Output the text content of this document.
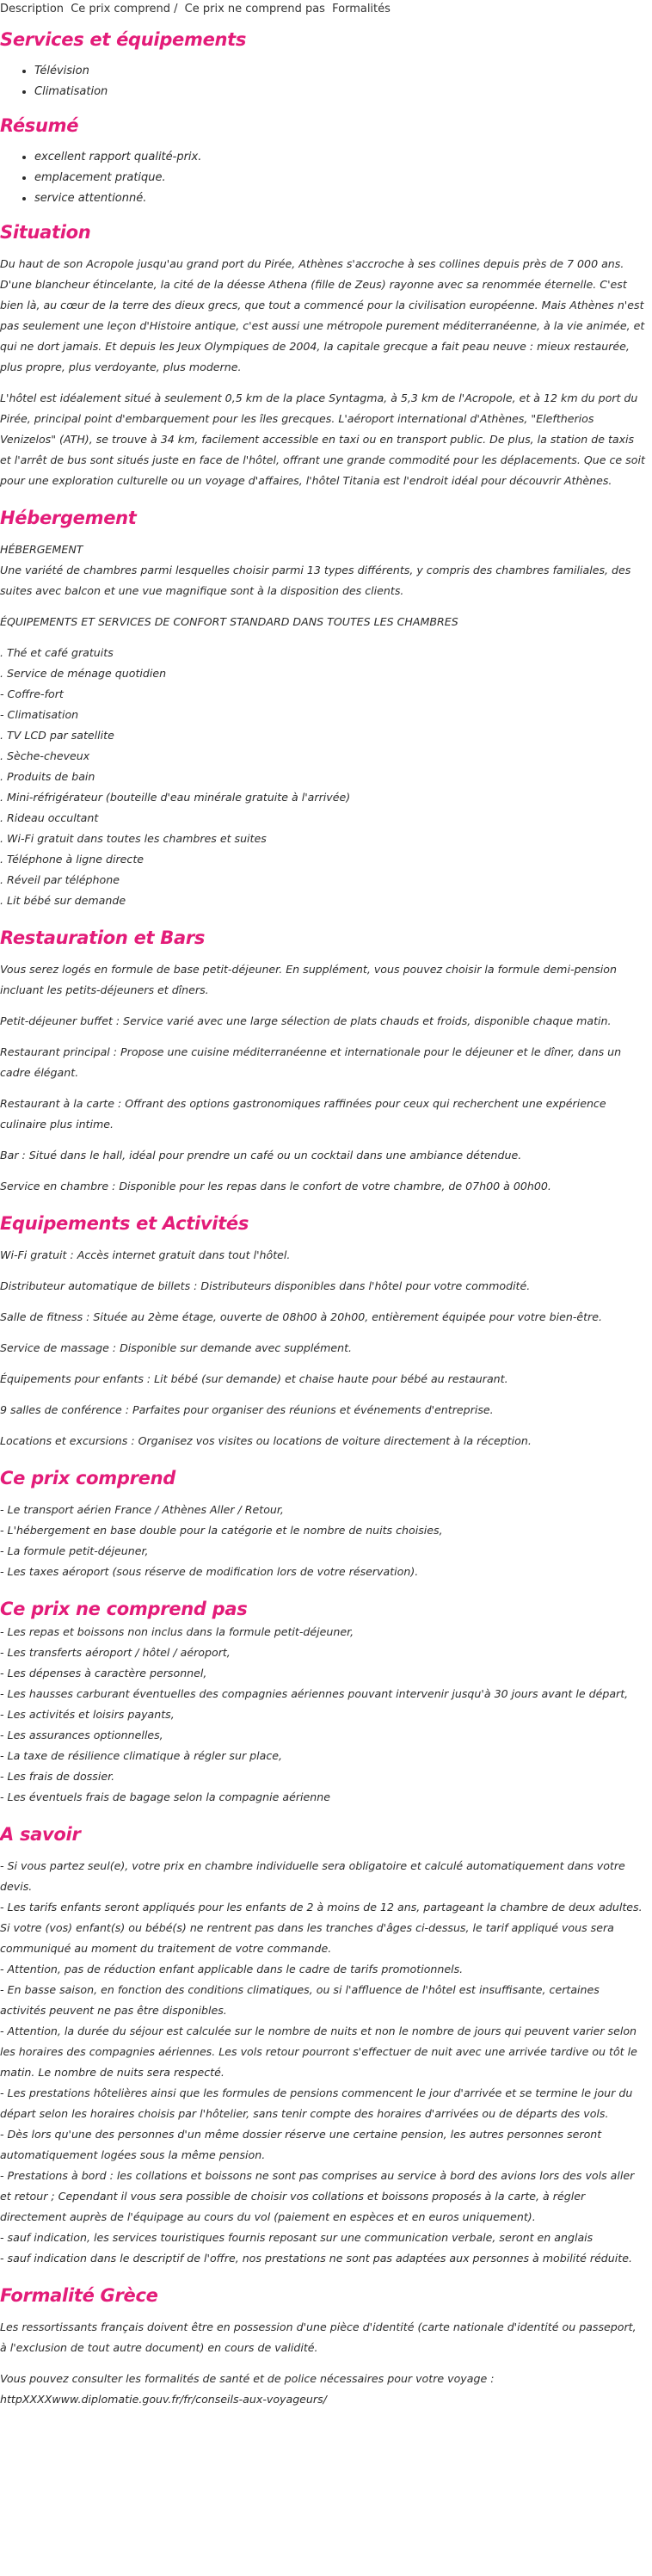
Description Ce prix comprend / Ce prix ne comprend pas Formalités
Services et équipements
• Télévision
• Climatisation
Résumé
• excellent rapport qualité-prix.
• emplacement pratique.
• service attentionné.
Situation

Du haut de son Acropole jusqu'au grand port du Pirée, Athènes s'accroche à ses collines depuis près de 7 000 ans. D'une blancheur étincelante, la cité de la déesse Athena (fille de Zeus) rayonne avec sa renommée éternelle. C'est bien là, au cœur de la terre des dieux grecs, que tout a commencé pour la civilisation européenne. Mais Athènes n'est pas seulement une leçon d'Histoire antique, c'est aussi une métropole purement méditerranéenne, à la vie animée, et qui ne dort jamais. Et depuis les Jeux Olympiques de 2004, la capitale grecque a fait peau neuve : mieux restaurée, plus propre, plus verdoyante, plus moderne.

L'hôtel est idéalement situé à seulement 0,5 km de la place Syntagma, à 5,3 km de l'Acropole, et à 12 km du port du Pirée, principal point d'embarquement pour les îles grecques. L'aéroport international d'Athènes, "Eleftherios Venizelos" (ATH), se trouve à 34 km, facilement accessible en taxi ou en transport public. De plus, la station de taxis et l'arrêt de bus sont situés juste en face de l'hôtel, offrant une grande commodité pour les déplacements. Que ce soit pour une exploration culturelle ou un voyage d'affaires, l'hôtel Titania est l'endroit idéal pour découvrir Athènes.

Hébergement
HÉBERGEMENT

Une variété de chambres parmi lesquelles choisir parmi 13 types différents, y compris des chambres familiales, des suites avec balcon et une vue magnifique sont à la disposition des clients.

ÉQUIPEMENTS ET SERVICES DE CONFORT STANDARD DANS TOUTES LES CHAMBRES

. Thé et café gratuits
. Service de ménage quotidien
- Coffre-fort
- Climatisation
. TV LCD par satellite
. Sèche-cheveux
. Produits de bain
. Mini-réfrigérateur (bouteille d'eau minérale gratuite à l'arrivée)
. Rideau occultant
. Wi-Fi gratuit dans toutes les chambres et suites
. Téléphone à ligne directe
. Réveil par téléphone
. Lit bébé sur demande
Restauration et Bars

Vous serez logés en formule de base petit-déjeuner. En supplément, vous pouvez choisir la formule demi-pension incluant les petits-déjeuners et dîners.

Petit-déjeuner buffet : Service varié avec une large sélection de plats chauds et froids, disponible chaque matin.

Restaurant principal : Propose une cuisine méditerranéenne et internationale pour le déjeuner et le dîner, dans un cadre élégant.

Restaurant à la carte : Offrant des options gastronomiques raffinées pour ceux qui recherchent une expérience culinaire plus intime.

Bar : Situé dans le hall, idéal pour prendre un café ou un cocktail dans une ambiance détendue.

Service en chambre : Disponible pour les repas dans le confort de votre chambre, de 07h00 à 00h00.

Equipements et Activités

Wi-Fi gratuit : Accès internet gratuit dans tout l'hôtel.

Distributeur automatique de billets : Distributeurs disponibles dans l'hôtel pour votre commodité.

Salle de fitness : Située au 2ème étage, ouverte de 08h00 à 20h00, entièrement équipée pour votre bien-être.

Service de massage : Disponible sur demande avec supplément.

Équipements pour enfants : Lit bébé (sur demande) et chaise haute pour bébé au restaurant.

9 salles de conférence : Parfaites pour organiser des réunions et événements d'entreprise.

Locations et excursions : Organisez vos visites ou locations de voiture directement à la réception.

Ce prix comprend
- Le transport aérien France / Athènes Aller / Retour,
- L'hébergement en base double pour la catégorie et le nombre de nuits choisies,
- La formule petit-déjeuner,
- Les taxes aéroport (sous réserve de modification lors de votre réservation).
Ce prix ne comprend pas
- Les repas et boissons non inclus dans la formule petit-déjeuner,
- Les transferts aéroport / hôtel / aéroport,
- Les dépenses à caractère personnel,
- Les hausses carburant éventuelles des compagnies aériennes pouvant intervenir jusqu'à 30 jours avant le départ,
- Les activités et loisirs payants,
- Les assurances optionnelles,
- La taxe de résilience climatique à régler sur place,
- Les frais de dossier.
- Les éventuels frais de bagage selon la compagnie aérienne
A savoir
- Si vous partez seul(e), votre prix en chambre individuelle sera obligatoire et calculé automatiquement dans votre devis.
- Les tarifs enfants seront appliqués pour les enfants de 2 à moins de 12 ans, partageant la chambre de deux adultes. Si votre (vos) enfant(s) ou bébé(s) ne rentrent pas dans les tranches d'âges ci-dessus, le tarif appliqué vous sera communiqué au moment du traitement de votre commande.
- Attention, pas de réduction enfant applicable dans le cadre de tarifs promotionnels.
- En basse saison, en fonction des conditions climatiques, ou si l'affluence de l'hôtel est insuffisante, certaines activités peuvent ne pas être disponibles.
- Attention, la durée du séjour est calculée sur le nombre de nuits et non le nombre de jours qui peuvent varier selon les horaires des compagnies aériennes. Les vols retour pourront s'effectuer de nuit avec une arrivée tardive ou tôt le matin. Le nombre de nuits sera respecté.
- Les prestations hôtelières ainsi que les formules de pensions commencent le jour d'arrivée et se termine le jour du départ selon les horaires choisis par l'hôtelier, sans tenir compte des horaires d'arrivées ou de départs des vols.
- Dès lors qu'une des personnes d'un même dossier réserve une certaine pension, les autres personnes seront automatiquement logées sous la même pension.
- Prestations à bord : les collations et boissons ne sont pas comprises au service à bord des avions lors des vols aller et retour ; Cependant il vous sera possible de choisir vos collations et boissons proposés à la carte, à régler directement auprès de l'équipage au cours du vol (paiement en espèces et en euros uniquement).
- sauf indication, les services touristiques fournis reposant sur une communication verbale, seront en anglais
- sauf indication dans le descriptif de l'offre, nos prestations ne sont pas adaptées aux personnes à mobilité réduite.
Formalité Grèce

Les ressortissants français doivent être en possession d'une pièce d'identité (carte nationale d'identité ou passeport, à l'exclusion de tout autre document) en cours de validité.

Vous pouvez consulter les formalités de santé et de police nécessaires pour votre voyage :
httpXXXXwww.diplomatie.gouv.fr/fr/conseils-aux-voyageurs/
